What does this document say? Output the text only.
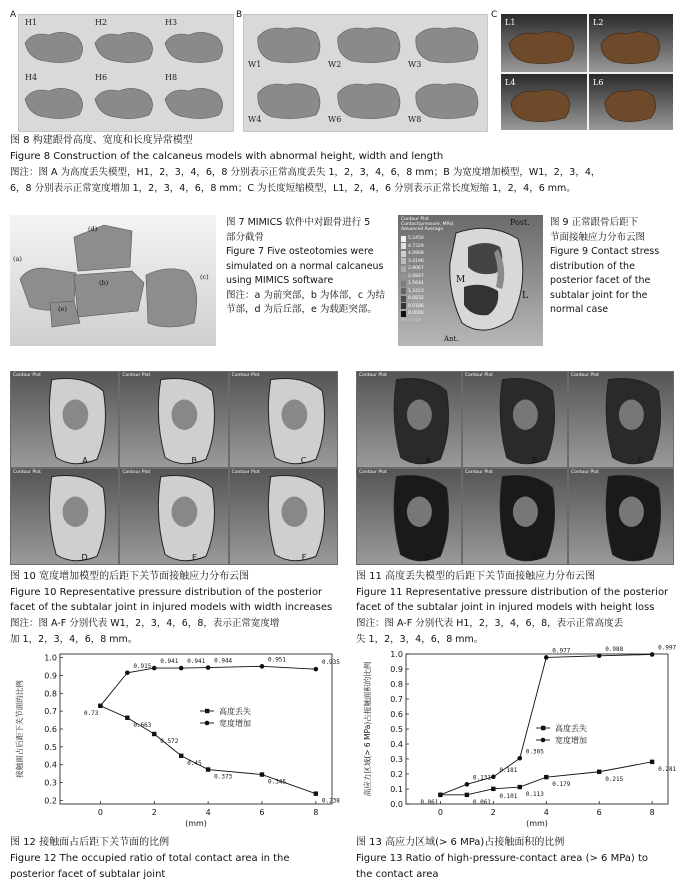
A	B	C
H1	H2	H3
H4	H6	H8
W1	W2	W3
W4	W6	W8
L1	L2
L4	L6
图 8 构建跟骨高度、宽度和长度异常模型
Figure 8 Construction of the calcaneus models with abnormal height, width and length
图注：图 A 为高度丢失模型，H1，2，3，4，6，8 分别表示正常高度丢失 1，2，3，4，6，8 mm；B 为宽度增加模型，W1，2，3，4，
6，8 分别表示正常宽度增加 1，2，3，4，6，8 mm；C 为长度短缩模型，L1，2，4，6 分别表示正常长度短缩 1，2，4，6 mm。
(d)
(a)
(b)
(c)
(e)
图 7 MIMICS 软件中对跟骨进行 5
部分截骨
Figure 7 Five osteotomies were
simulated on a normal calcaneus
using MIMICS software
图注：a 为前突部，b 为体部，c 为结
节部，d 为后丘部，e 为载距突部。
Contour Plot
Contact(pressure, MPa)
Advanced Average
5.2450
4.7329
4.0909
3.4196
2.8067
2.0847
1.5644
1.2413
0.6832
0.0186
0.0000
No result
Post.
M
L
Ant.
图 9 正常跟骨后距下
节面接触应力分布云图
Figure 9 Contact stress
distribution of the
posterior facet of the
subtalar joint for the
normal case
Contour Plot
A
Contour Plot
B
Contour Plot
C
Contour Plot
D
Contour Plot
E
Contour Plot
F
图 10 宽度增加模型的后距下关节面接触应力分布云图
Figure 10 Representative pressure distribution of the posterior
facet of the subtalar joint in injured models with width increases
图注：图 A-F 分别代表 W1，2，3，4，6，8，表示正常宽度增
加 1，2，3，4，6，8 mm。
Contour Plot
A
Contour Plot
B
Contour Plot
C
Contour Plot
D
Contour Plot
E
Contour Plot
F
图 11 高度丢失模型的后距下关节面接触应力分布云图
Figure 11 Representative pressure distribution of the posterior
facet of the subtalar joint in injured models with height loss
图注：图 A-F 分别代表 H1，2，3，4，6，8，表示正常高度丢
失 1，2，3，4，6，8 mm。
0.2
0.3
0.4
0.5
0.6
0.7
0.8
0.9
1.0
0	2	4	6	8
(mm)
接触面占后距下关节面的比例	0.73
0.663
0.572
0.45
0.373
0.345
0.238
高度丢失
0.915
0.941 0.941 0.944	0.951	0.935
宽度增加
图 12 接触面占后距下关节面的比例
Figure 12 The occupied ratio of total contact area in the
posterior facet of subtalar joint
0.0
0.1
0.2
0.3
0.4
0.5
0.6
0.7
0.8
0.9
1.0
0	2	4	6	8
(mm)
高应力区域(> 6 MPa)占接触面积的比例
0.061	0.061
0.101 0.113
0.179
0.215
0.281
高度丢失
0.131
0.181
0.305
0.977	0.988	0.997
宽度增加
图 13 高应力区域(> 6 MPa)占接触面积的比例
Figure 13 Ratio of high-pressure-contact area (> 6 MPa) to
the contact area
